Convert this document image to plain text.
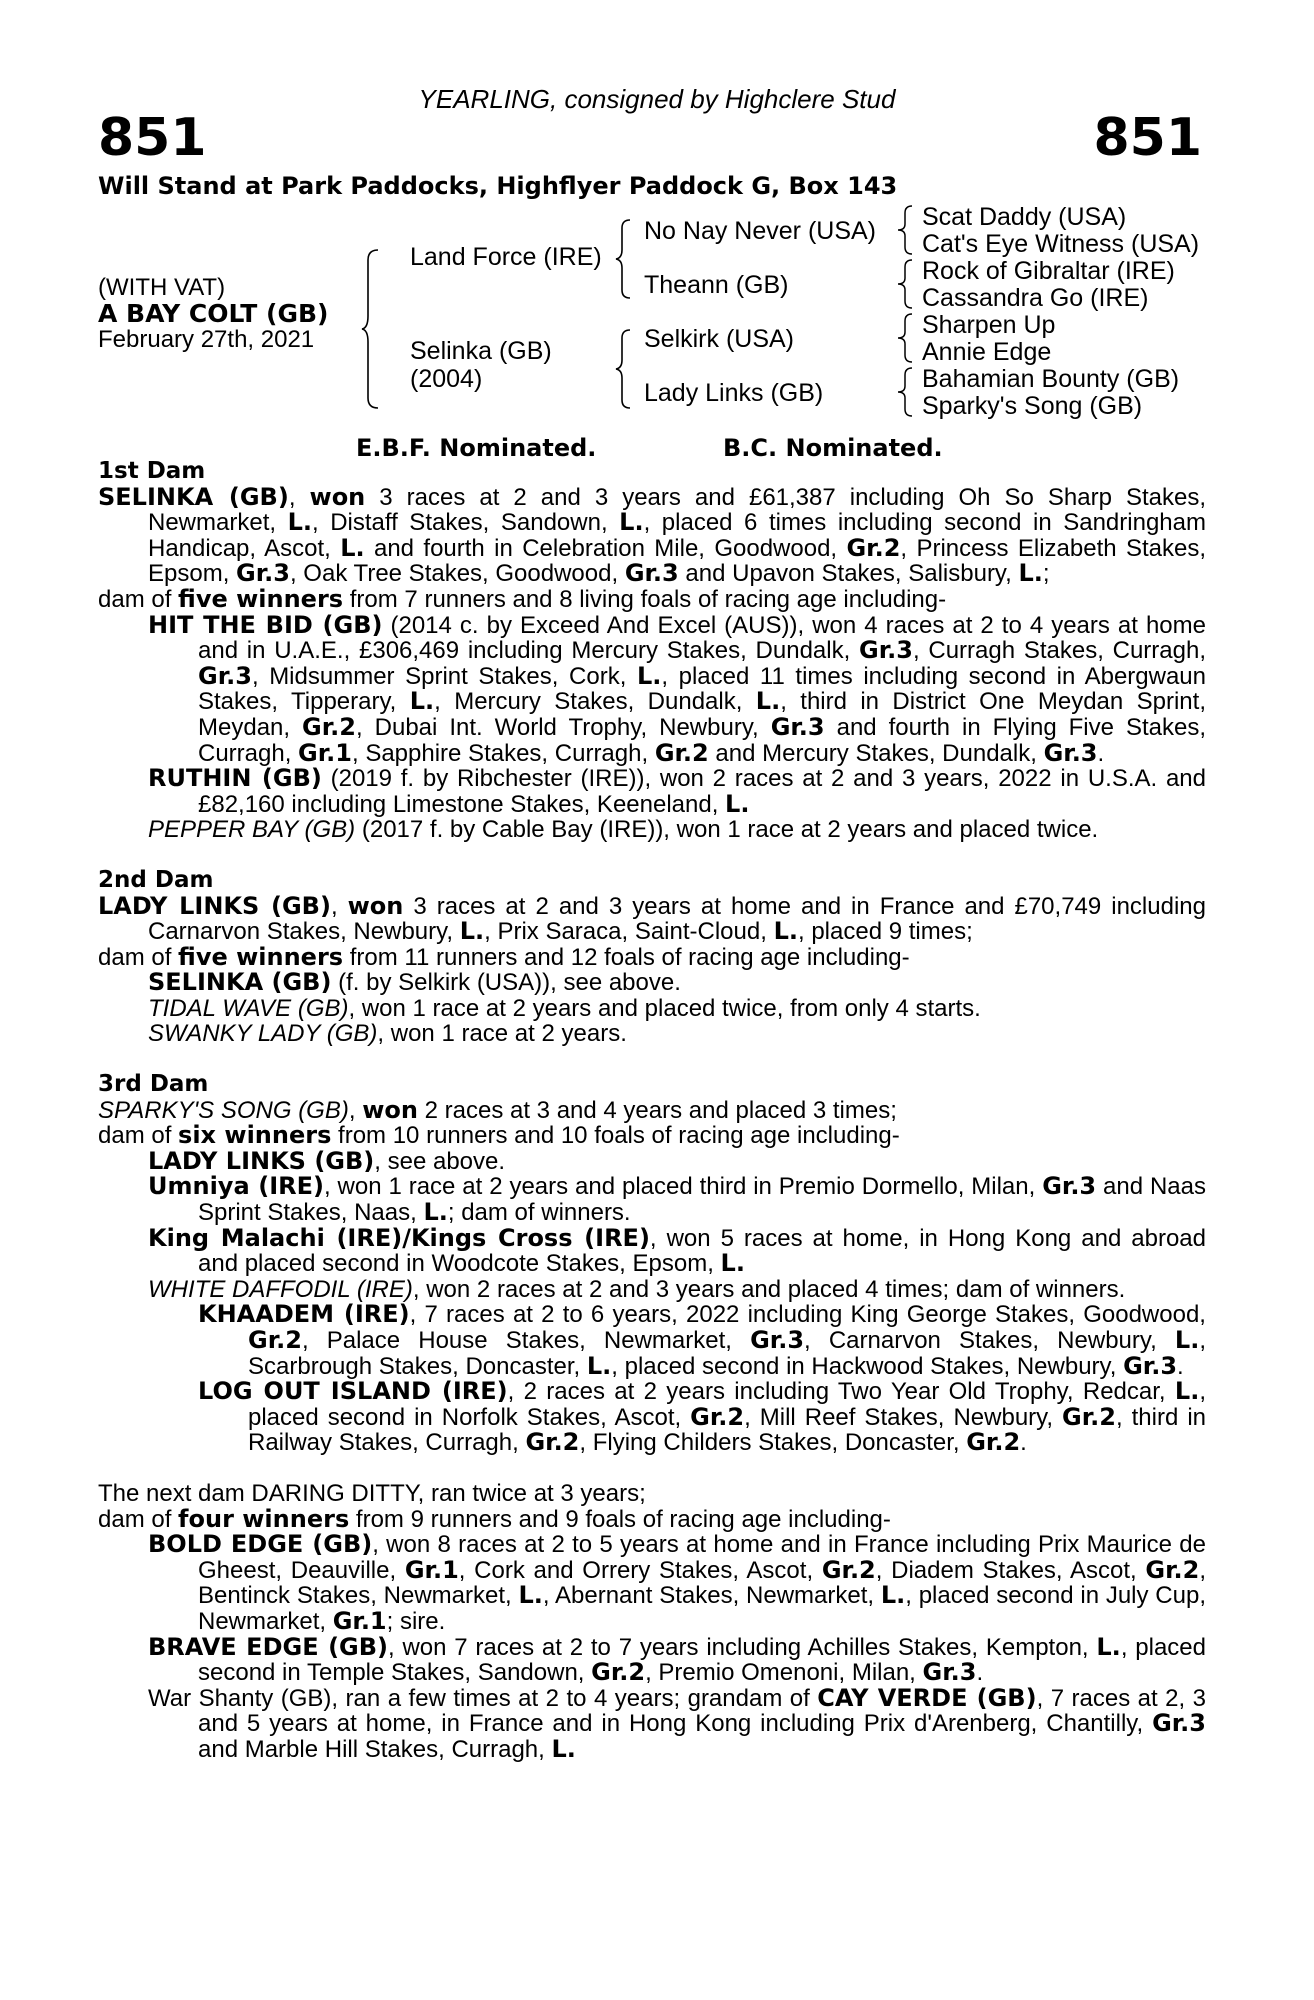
YEARLING, consigned by Highclere Stud
851	851
Will Stand at Park Paddocks, Highflyer Paddock G, Box 143
(WITH VAT)
A BAY COLT (GB)
February 27th, 2021
Land Force (IRE)
Selinka (GB)
(2004)
No Nay Never (USA)
Theann (GB)
Selkirk (USA)
Lady Links (GB)
Scat Daddy (USA)
Cat's Eye Witness (USA)
Rock of Gibraltar (IRE)
Cassandra Go (IRE)
Sharpen Up
Annie Edge
Bahamian Bounty (GB)
Sparky's Song (GB)
E.B.F. Nominated.	B.C. Nominated.

1st Dam

SELINKA (GB), won 3 races at 2 and 3 years and £61,387 including Oh So Sharp Stakes, Newmarket, L., Distaff Stakes, Sandown, L., placed 6 times including second in Sandringham Handicap, Ascot, L. and fourth in Celebration Mile, Goodwood, Gr.2, Princess Elizabeth Stakes, Epsom, Gr.3, Oak Tree Stakes, Goodwood, Gr.3 and Upavon Stakes, Salisbury, L.;

dam of five winners from 7 runners and 8 living foals of racing age including-

HIT THE BID (GB) (2014 c. by Exceed And Excel (AUS)), won 4 races at 2 to 4 years at home and in U.A.E., £306,469 including Mercury Stakes, Dundalk, Gr.3, Curragh Stakes, Curragh, Gr.3, Midsummer Sprint Stakes, Cork, L., placed 11 times including second in Abergwaun Stakes, Tipperary, L., Mercury Stakes, Dundalk, L., third in District One Meydan Sprint, Meydan, Gr.2, Dubai Int. World Trophy, Newbury, Gr.3 and fourth in Flying Five Stakes, Curragh, Gr.1, Sapphire Stakes, Curragh, Gr.2 and Mercury Stakes, Dundalk, Gr.3.

RUTHIN (GB) (2019 f. by Ribchester (IRE)), won 2 races at 2 and 3 years, 2022 in U.S.A. and £82,160 including Limestone Stakes, Keeneland, L.

PEPPER BAY (GB) (2017 f. by Cable Bay (IRE)), won 1 race at 2 years and placed twice.

2nd Dam

LADY LINKS (GB), won 3 races at 2 and 3 years at home and in France and £70,749 including Carnarvon Stakes, Newbury, L., Prix Saraca, Saint-Cloud, L., placed 9 times;

dam of five winners from 11 runners and 12 foals of racing age including-

SELINKA (GB) (f. by Selkirk (USA)), see above.

TIDAL WAVE (GB), won 1 race at 2 years and placed twice, from only 4 starts.

SWANKY LADY (GB), won 1 race at 2 years.

3rd Dam

SPARKY'S SONG (GB), won 2 races at 3 and 4 years and placed 3 times;

dam of six winners from 10 runners and 10 foals of racing age including-

LADY LINKS (GB), see above.

Umniya (IRE), won 1 race at 2 years and placed third in Premio Dormello, Milan, Gr.3 and Naas Sprint Stakes, Naas, L.; dam of winners.

King Malachi (IRE)/Kings Cross (IRE), won 5 races at home, in Hong Kong and abroad and placed second in Woodcote Stakes, Epsom, L.

WHITE DAFFODIL (IRE), won 2 races at 2 and 3 years and placed 4 times; dam of winners.

KHAADEM (IRE), 7 races at 2 to 6 years, 2022 including King George Stakes, Goodwood, Gr.2, Palace House Stakes, Newmarket, Gr.3, Carnarvon Stakes, Newbury, L., Scarbrough Stakes, Doncaster, L., placed second in Hackwood Stakes, Newbury, Gr.3.

LOG OUT ISLAND (IRE), 2 races at 2 years including Two Year Old Trophy, Redcar, L., placed second in Norfolk Stakes, Ascot, Gr.2, Mill Reef Stakes, Newbury, Gr.2, third in Railway Stakes, Curragh, Gr.2, Flying Childers Stakes, Doncaster, Gr.2.

The next dam DARING DITTY, ran twice at 3 years;

dam of four winners from 9 runners and 9 foals of racing age including-

BOLD EDGE (GB), won 8 races at 2 to 5 years at home and in France including Prix Maurice de Gheest, Deauville, Gr.1, Cork and Orrery Stakes, Ascot, Gr.2, Diadem Stakes, Ascot, Gr.2, Bentinck Stakes, Newmarket, L., Abernant Stakes, Newmarket, L., placed second in July Cup, Newmarket, Gr.1; sire.

BRAVE EDGE (GB), won 7 races at 2 to 7 years including Achilles Stakes, Kempton, L., placed second in Temple Stakes, Sandown, Gr.2, Premio Omenoni, Milan, Gr.3.

War Shanty (GB), ran a few times at 2 to 4 years; grandam of CAY VERDE (GB), 7 races at 2, 3 and 5 years at home, in France and in Hong Kong including Prix d'Arenberg, Chantilly, Gr.3 and Marble Hill Stakes, Curragh, L.
